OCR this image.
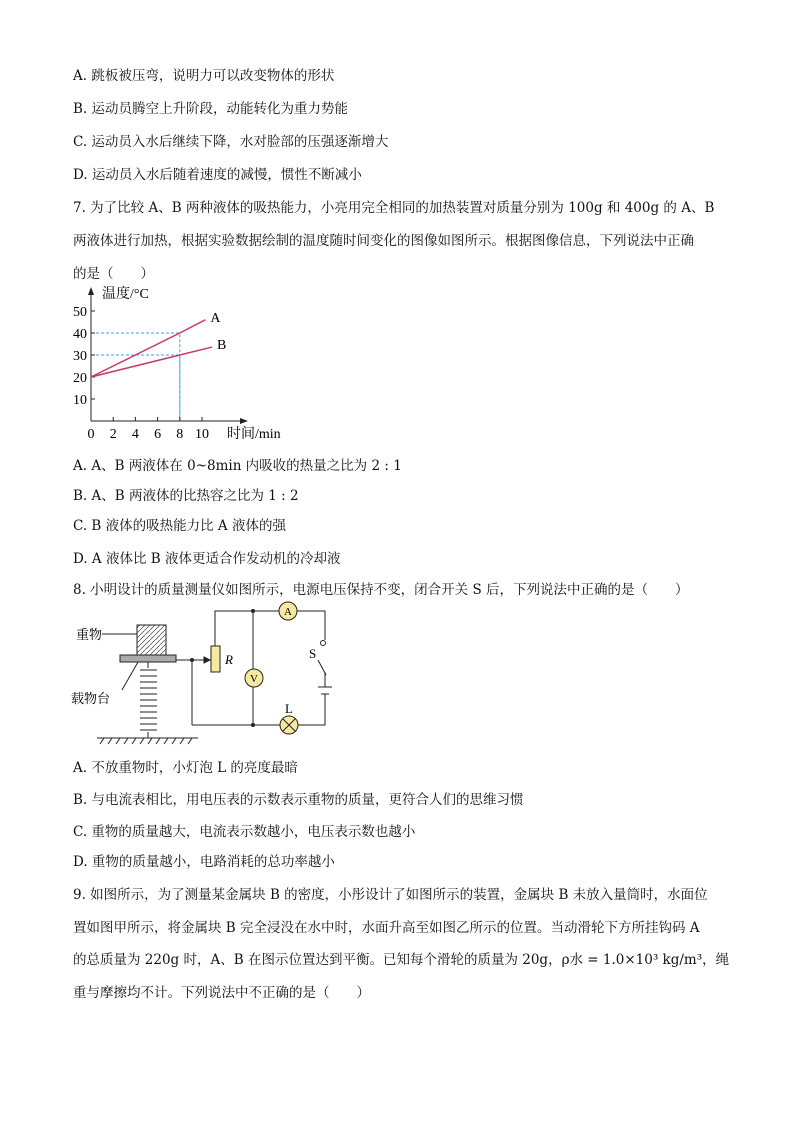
A. 跳板被压弯，说明力可以改变物体的形状
B. 运动员腾空上升阶段，动能转化为重力势能
C. 运动员入水后继续下降，水对脸部的压强逐渐增大
D. 运动员入水后随着速度的减慢，惯性不断减小
7. 为了比较 A、B 两种液体的吸热能力，小亮用完全相同的加热装置对质量分别为 100g 和 400g 的 A、B
两液体进行加热，根据实验数据绘制的温度随时间变化的图像如图所示。根据图像信息，下列说法中正确
的是（　　）
10
20
30
40
50
0 2 4 6 8 10
A
B
温度/°C
时间/min
A. A、B 两液体在 0~8min 内吸收的热量之比为 2 : 1
B. A、B 两液体的比热容之比为 1 : 2
C. B 液体的吸热能力比 A 液体的强
D. A 液体比 B 液体更适合作发动机的冷却液
8. 小明设计的质量测量仪如图所示，电源电压保持不变，闭合开关 S 后，下列说法中正确的是（　　）
重物
载物台
R
A
V
S
L
A. 不放重物时，小灯泡 L 的亮度最暗
B. 与电流表相比，用电压表的示数表示重物的质量，更符合人们的思维习惯
C. 重物的质量越大，电流表示数越小，电压表示数也越小
D. 重物的质量越小，电路消耗的总功率越小
9. 如图所示，为了测量某金属块 B 的密度，小彤设计了如图所示的装置，金属块 B 未放入量筒时，水面位
置如图甲所示，将金属块 B 完全浸没在水中时，水面升高至如图乙所示的位置。当动滑轮下方所挂钩码 A
的总质量为 220g 时，A、B 在图示位置达到平衡。已知每个滑轮的质量为 20g，ρ水 = 1.0×10³ kg/m³，绳
重与摩擦均不计。下列说法中不正确的是（　　）
